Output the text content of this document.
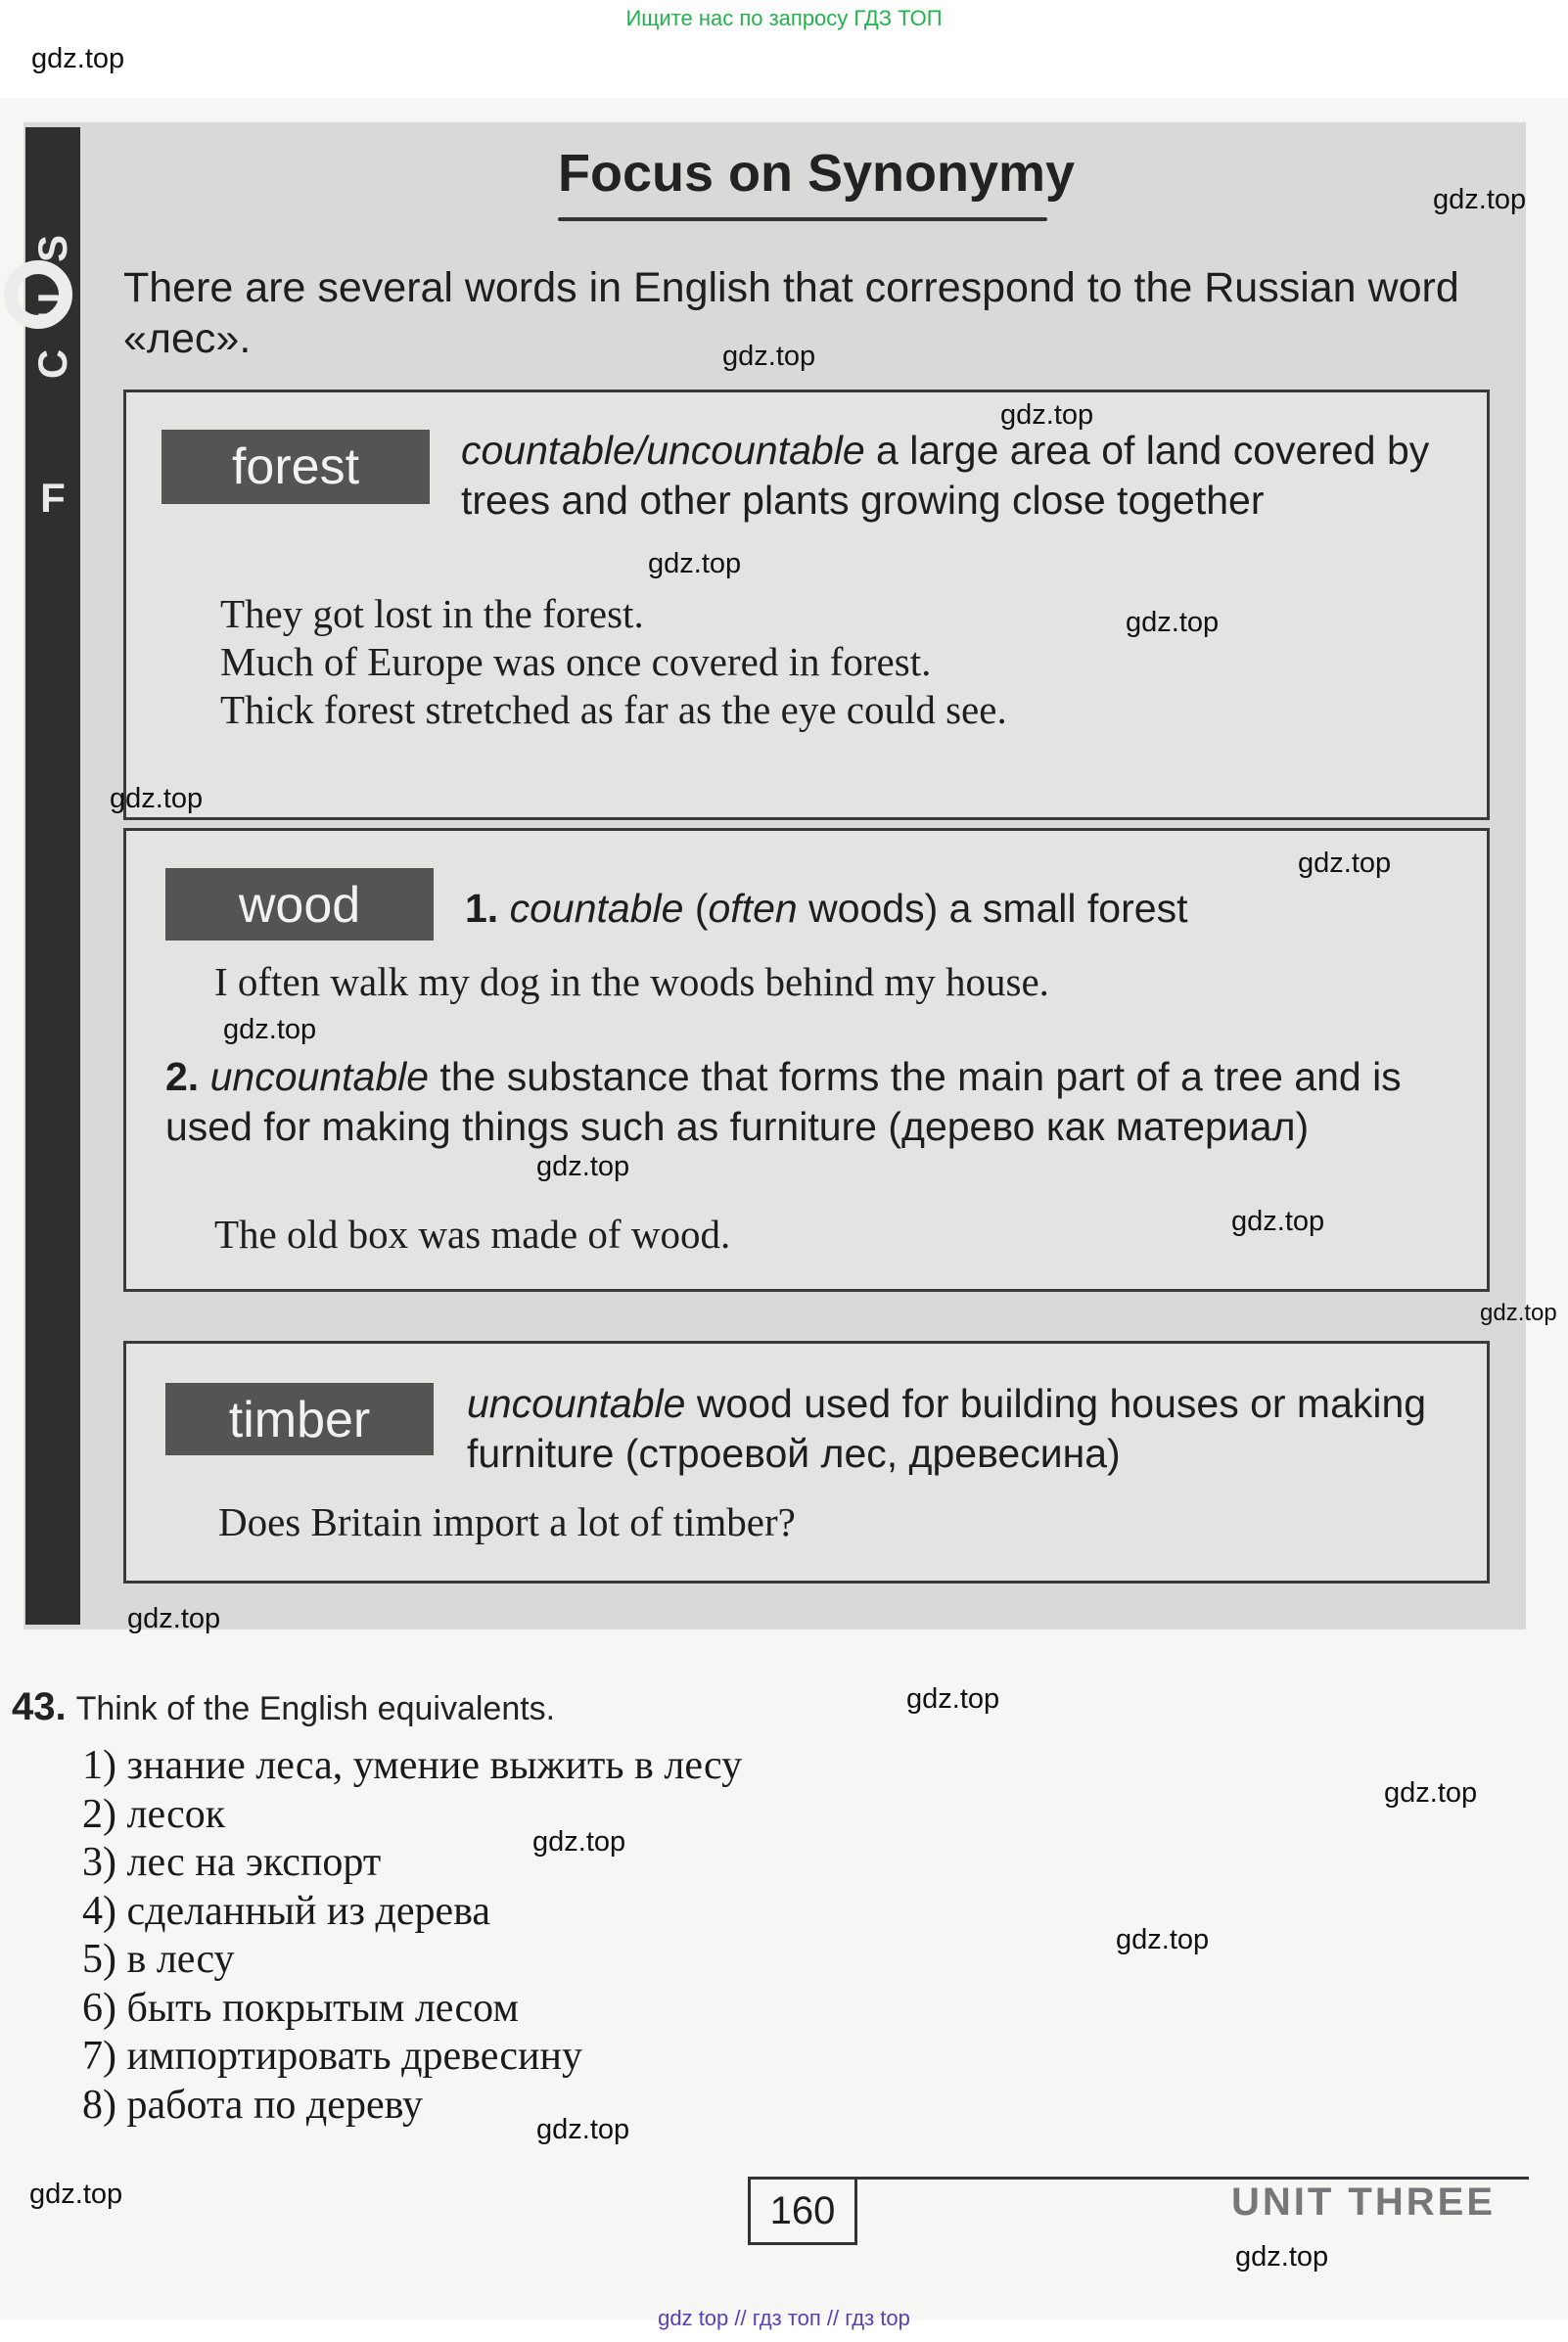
Ищите нас по запросу ГДЗ ТОП
F
S
U
C
Focus on Synonymy
There are several words in English that correspond to the Russian word «лес».
forest	countable/uncountable a large area of land covered by trees and other plants growing close together
They got lost in the forest.
Much of Europe was once covered in forest.
Thick forest stretched as far as the eye could see.
wood	1. countable (often woods) a small forest
I often walk my dog in the woods behind my house.
2. uncountable the substance that forms the main part of a tree and is used for making things such as furniture (дерево как материал)
The old box was made of wood.
timber	uncountable wood used for building houses or making furniture (строевой лес, древесина)
Does Britain import a lot of timber?
43. Think of the English equivalents.
1) знание леса, умение выжить в лесу
2) лесок
3) лес на экспорт
4) сделанный из дерева
5) в лесу
6) быть покрытым лесом
7) импортировать древесину
8) работа по дереву
160	UNIT THREE
gdz.top
gdz.top
gdz.top
gdz.top
gdz.top
gdz.top
gdz.top
gdz.top
gdz.top
gdz.top
gdz.top
gdz.top
gdz.top
gdz.top
gdz.top
gdz.top
gdz.top
gdz.top
gdz.top
gdz.top
gdz top // гдз топ // гдз top
